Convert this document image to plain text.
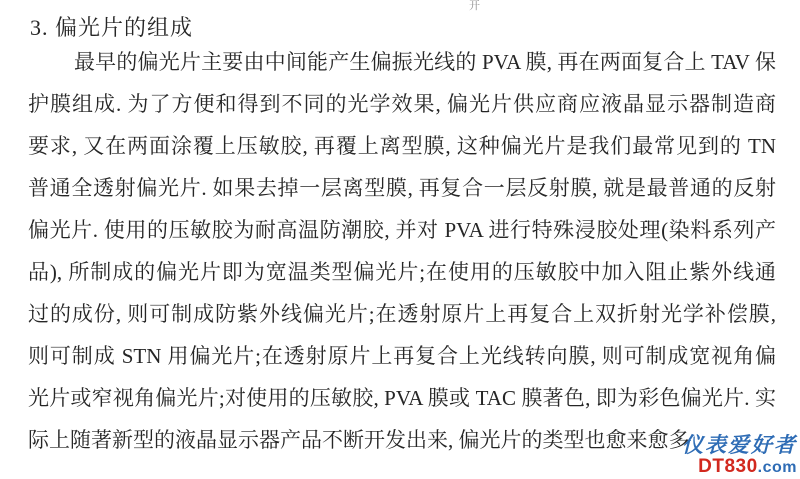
开
3. 偏光片的组成
最早的偏光片主要由中间能产生偏振光线的 PVA 膜, 再在两面复合上 TAV 保
护膜组成. 为了方便和得到不同的光学效果, 偏光片供应商应液晶显示器制造商
要求, 又在两面涂覆上压敏胶, 再覆上离型膜, 这种偏光片是我们最常见到的 TN
普通全透射偏光片. 如果去掉一层离型膜, 再复合一层反射膜, 就是最普通的反射
偏光片. 使用的压敏胶为耐高温防潮胶, 并对 PVA 进行特殊浸胶处理(染料系列产
品), 所制成的偏光片即为宽温类型偏光片;在使用的压敏胶中加入阻止紫外线通
过的成份, 则可制成防紫外线偏光片;在透射原片上再复合上双折射光学补偿膜,
则可制成 STN 用偏光片;在透射原片上再复合上光线转向膜, 则可制成宽视角偏
光片或窄视角偏光片;对使用的压敏胶, PVA 膜或 TAC 膜著色, 即为彩色偏光片. 实
际上随著新型的液晶显示器产品不断开发出来, 偏光片的类型也愈来愈多
仪表爱好者
DT830.com
